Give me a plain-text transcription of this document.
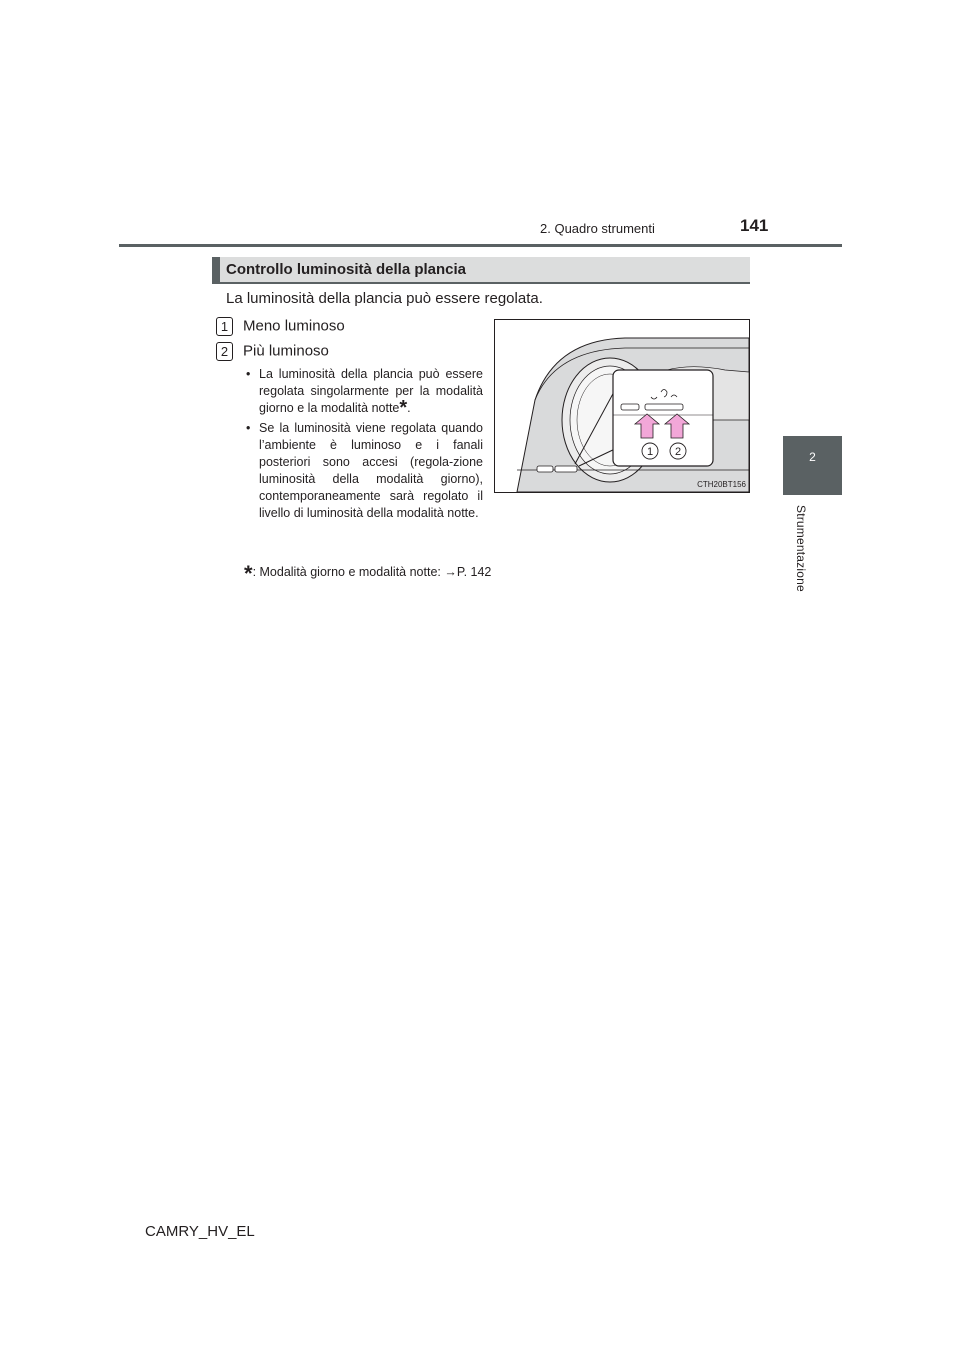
2. Quadro strumenti	141
2
Strumentazione
Controllo luminosità della plancia
La luminosità della plancia può essere regolata.
1 Meno luminoso
2 Più luminoso
• La luminosità della plancia può essere regolata singolarmente per la modalità giorno e la modalità notte*.
• Se la luminosità viene regolata quando l’ambiente è luminoso e i fanali posteriori sono accesi (regola-zione luminosità della modalità giorno), contemporaneamente sarà regolato il livello di luminosità della modalità notte.
*: Modalità giorno e modalità notte: →P. 142
1 2
CTH20BT156
CAMRY_HV_EL
